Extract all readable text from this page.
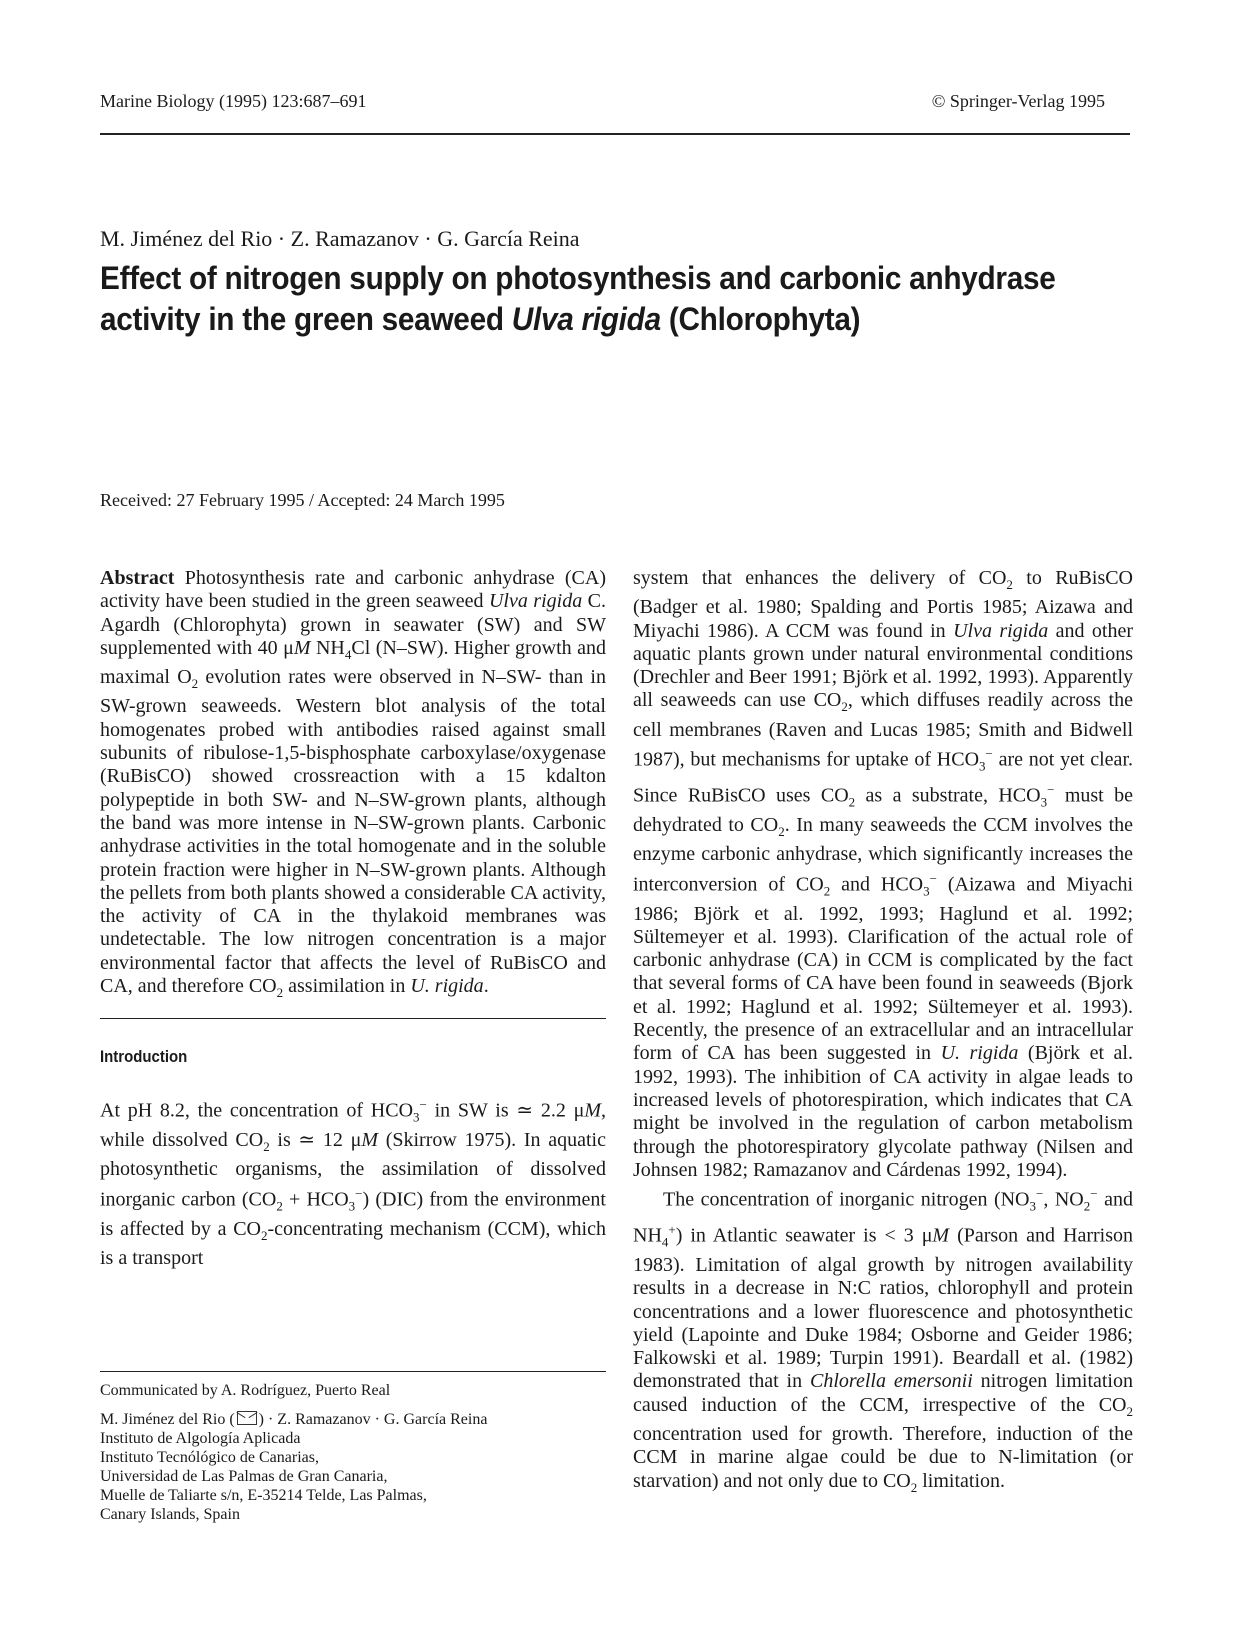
Marine Biology (1995) 123:687–691	© Springer-Verlag 1995
M. Jiménez del Rio · Z. Ramazanov · G. García Reina
Effect of nitrogen supply on photosynthesis and carbonic anhydrase
activity in the green seaweed Ulva rigida (Chlorophyta)
Received: 27 February 1995 / Accepted: 24 March 1995

Abstract Photosynthesis rate and carbonic anhydrase (CA) activity have been studied in the green seaweed Ulva rigida C. Agardh (Chlorophyta) grown in seawater (SW) and SW supplemented with 40 μM $NH_4Cl$ (N–SW). Higher growth and maximal $O_2$ evolution rates were observed in N–SW- than in SW-grown seaweeds. Western blot analysis of the total homogenates probed with antibodies raised against small subunits of ribulose-1,5-bisphosphate carboxylase/oxygenase (RuBisCO) showed crossreaction with a 15 kdalton polypeptide in both SW- and N–SW-grown plants, although the band was more intense in N–SW-grown plants. Carbonic anhydrase activities in the total homogenate and in the soluble protein fraction were higher in N–SW-grown plants. Although the pellets from both plants showed a considerable CA activity, the activity of CA in the thylakoid membranes was undetectable. The low nitrogen concentration is a major environmental factor that affects the level of RuBisCO and CA, and therefore $CO_2$ assimilation in U. rigida.

Introduction

At pH 8.2, the concentration of $HCO_3^-$ in SW is ≃ 2.2 μM, while dissolved $CO_2$ is ≃ 12 μM (Skirrow 1975). In aquatic photosynthetic organisms, the assimilation of dissolved inorganic carbon $(CO_2 + HCO_3^-)$ (DIC) from the environment is affected by a $CO_2$-concentrating mechanism (CCM), which is a transport

Communicated by A. Rodríguez, Puerto Real

M. Jiménez del Rio ( ) · Z. Ramazanov · G. García Reina

Instituto de Algología Aplicada

Instituto Tecnólógico de Canarias,

Universidad de Las Palmas de Gran Canaria,

Muelle de Taliarte s/n, E-35214 Telde, Las Palmas,

Canary Islands, Spain

system that enhances the delivery of $CO_2$ to RuBisCO (Badger et al. 1980; Spalding and Portis 1985; Aizawa and Miyachi 1986). A CCM was found in Ulva rigida and other aquatic plants grown under natural environmental conditions (Drechler and Beer 1991; Björk et al. 1992, 1993). Apparently all seaweeds can use $CO_2$, which diffuses readily across the cell membranes (Raven and Lucas 1985; Smith and Bidwell 1987), but mechanisms for uptake of $HCO_3^-$ are not yet clear. Since RuBisCO uses $CO_2$ as a substrate, $HCO_3^-$ must be dehydrated to $CO_2$. In many seaweeds the CCM involves the enzyme carbonic anhydrase, which significantly increases the interconversion of $CO_2$ and $HCO_3^-$ (Aizawa and Miyachi 1986; Björk et al. 1992, 1993; Haglund et al. 1992; Sültemeyer et al. 1993). Clarification of the actual role of carbonic anhydrase (CA) in CCM is complicated by the fact that several forms of CA have been found in seaweeds (Bjork et al. 1992; Haglund et al. 1992; Sültemeyer et al. 1993). Recently, the presence of an extracellular and an intracellular form of CA has been suggested in U. rigida (Björk et al. 1992, 1993). The inhibition of CA activity in algae leads to increased levels of photorespiration, which indicates that CA might be involved in the regulation of carbon metabolism through the photorespiratory glycolate pathway (Nilsen and Johnsen 1982; Ramazanov and Cárdenas 1992, 1994).

The concentration of inorganic nitrogen ($NO_3^-$, $NO_2^-$ and $NH_4^+$) in Atlantic seawater is < 3 μM (Parson and Harrison 1983). Limitation of algal growth by nitrogen availability results in a decrease in N:C ratios, chlorophyll and protein concentrations and a lower fluorescence and photosynthetic yield (Lapointe and Duke 1984; Osborne and Geider 1986; Falkowski et al. 1989; Turpin 1991). Beardall et al. (1982) demonstrated that in Chlorella emersonii nitrogen limitation caused induction of the CCM, irrespective of the $CO_2$ concentration used for growth. Therefore, induction of the CCM in marine algae could be due to N-limitation (or starvation) and not only due to $CO_2$ limitation.
